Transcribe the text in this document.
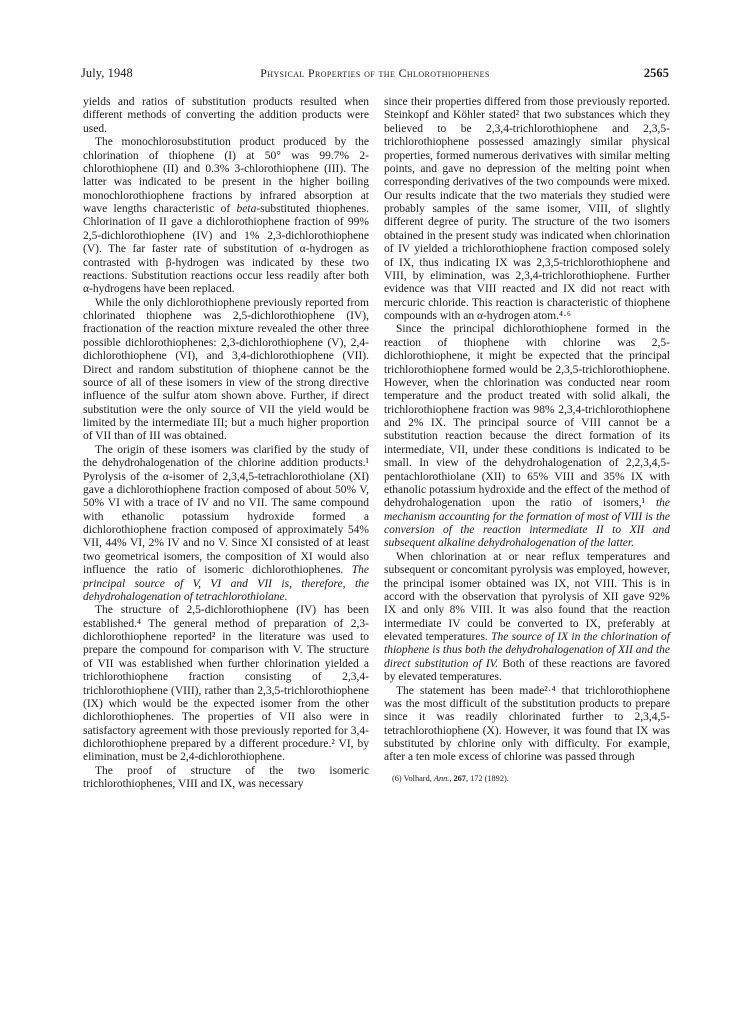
July, 1948	Physical Properties of the Chlorothiophenes	2565

yields and ratios of substitution products resulted when different methods of converting the addition products were used.

The monochlorosubstitution product produced by the chlorination of thiophene (I) at 50° was 99.7% 2-chlorothiophene (II) and 0.3% 3-chlorothiophene (III). The latter was indicated to be present in the higher boiling monochlorothiophene fractions by infrared absorption at wave lengths characteristic of beta-substituted thiophenes. Chlorination of II gave a dichlorothiophene fraction of 99% 2,5-dichlorothiophene (IV) and 1% 2,3-dichlorothiophene (V). The far faster rate of substitution of α-hydrogen as contrasted with β-hydrogen was indicated by these two reactions. Substitution reactions occur less readily after both α-hydrogens have been replaced.

While the only dichlorothiophene previously reported from chlorinated thiophene was 2,5-dichlorothiophene (IV), fractionation of the reaction mixture revealed the other three possible dichlorothiophenes: 2,3-dichlorothiophene (V), 2,4-dichlorothiophene (VI), and 3,4-dichlorothiophene (VII). Direct and random substitution of thiophene cannot be the source of all of these isomers in view of the strong directive influence of the sulfur atom shown above. Further, if direct substitution were the only source of VII the yield would be limited by the intermediate III; but a much higher proportion of VII than of III was obtained.

The origin of these isomers was clarified by the study of the dehydrohalogenation of the chlorine addition products.¹ Pyrolysis of the α-isomer of 2,3,4,5-tetrachlorothiolane (XI) gave a dichlorothiophene fraction composed of about 50% V, 50% VI with a trace of IV and no VII. The same compound with ethanolic potassium hydroxide formed a dichlorothiophene fraction composed of approximately 54% VII, 44% VI, 2% IV and no V. Since XI consisted of at least two geometrical isomers, the composition of XI would also influence the ratio of isomeric dichlorothiophenes. The principal source of V, VI and VII is, therefore, the dehydrohalogenation of tetrachlorothiolane.

The structure of 2,5-dichlorothiophene (IV) has been established.⁴ The general method of preparation of 2,3-dichlorothiophene reported² in the literature was used to prepare the compound for comparison with V. The structure of VII was established when further chlorination yielded a trichlorothiophene fraction consisting of 2,3,4-trichlorothiophene (VIII), rather than 2,3,5-trichlorothiophene (IX) which would be the expected isomer from the other dichlorothiophenes. The properties of VII also were in satisfactory agreement with those previously reported for 3,4-dichlorothiophene prepared by a different procedure.² VI, by elimination, must be 2,4-dichlorothiophene.

The proof of structure of the two isomeric trichlorothiophenes, VIII and IX, was necessary

since their properties differed from those previously reported. Steinkopf and Köhler stated² that two substances which they believed to be 2,3,4-trichlorothiophene and 2,3,5-trichlorothiophene possessed amazingly similar physical properties, formed numerous derivatives with similar melting points, and gave no depression of the melting point when corresponding derivatives of the two compounds were mixed. Our results indicate that the two materials they studied were probably samples of the same isomer, VIII, of slightly different degree of purity. The structure of the two isomers obtained in the present study was indicated when chlorination of IV yielded a trichlorothiophene fraction composed solely of IX, thus indicating IX was 2,3,5-trichlorothiophene and VIII, by elimination, was 2,3,4-trichlorothiophene. Further evidence was that VIII reacted and IX did not react with mercuric chloride. This reaction is characteristic of thiophene compounds with an α-hydrogen atom.⁴·⁶

Since the principal dichlorothiophene formed in the reaction of thiophene with chlorine was 2,5-dichlorothiophene, it might be expected that the principal trichlorothiophene formed would be 2,3,5-trichlorothiophene. However, when the chlorination was conducted near room temperature and the product treated with solid alkali, the trichlorothiophene fraction was 98% 2,3,4-trichlorothiophene and 2% IX. The principal source of VIII cannot be a substitution reaction because the direct formation of its intermediate, VII, under these conditions is indicated to be small. In view of the dehydrohalogenation of 2,2,3,4,5-pentachlorothiolane (XII) to 65% VIII and 35% IX with ethanolic potassium hydroxide and the effect of the method of dehydrohalogenation upon the ratio of isomers,¹ the mechanism accounting for the formation of most of VIII is the conversion of the reaction intermediate II to XII and subsequent alkaline dehydrohalogenation of the latter.

When chlorination at or near reflux temperatures and subsequent or concomitant pyrolysis was employed, however, the principal isomer obtained was IX, not VIII. This is in accord with the observation that pyrolysis of XII gave 92% IX and only 8% VIII. It was also found that the reaction intermediate IV could be converted to IX, preferably at elevated temperatures. The source of IX in the chlorination of thiophene is thus both the dehydrohalogenation of XII and the direct substitution of IV. Both of these reactions are favored by elevated temperatures.

The statement has been made²·⁴ that trichlorothiophene was the most difficult of the substitution products to prepare since it was readily chlorinated further to 2,3,4,5-tetrachlorothiophene (X). However, it was found that IX was substituted by chlorine only with difficulty. For example, after a ten mole excess of chlorine was passed through

(6) Volhard, Ann., 267, 172 (1892).
